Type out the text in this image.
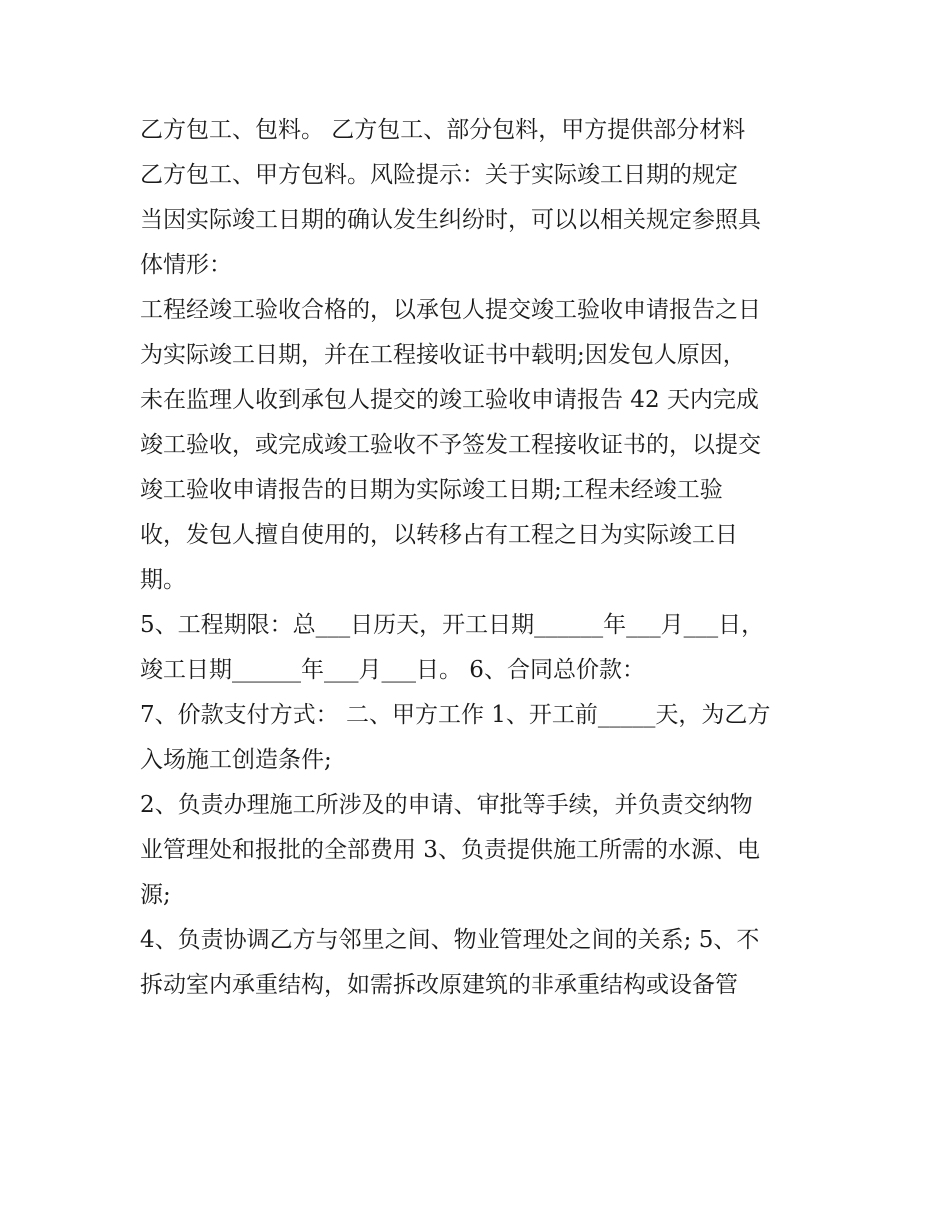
乙方包工、包料。 乙方包工、部分包料，甲方提供部分材料
乙方包工、甲方包料。风险提示：关于实际竣工日期的规定
当因实际竣工日期的确认发生纠纷时，可以以相关规定参照具
体情形：
工程经竣工验收合格的，以承包人提交竣工验收申请报告之日
为实际竣工日期，并在工程接收证书中载明;因发包人原因，
未在监理人收到承包人提交的竣工验收申请报告 42 天内完成
竣工验收，或完成竣工验收不予签发工程接收证书的，以提交
竣工验收申请报告的日期为实际竣工日期;工程未经竣工验
收，发包人擅自使用的，以转移占有工程之日为实际竣工日
期。
5、工程期限：总___日历天，开工日期______年___月___日，
竣工日期______年___月___日。 6、合同总价款：
7、价款支付方式： 二、甲方工作 1、开工前_____天，为乙方
入场施工创造条件;
2、负责办理施工所涉及的申请、审批等手续，并负责交纳物
业管理处和报批的全部费用 3、负责提供施工所需的水源、电
源;
4、负责协调乙方与邻里之间、物业管理处之间的关系; 5、不
拆动室内承重结构，如需拆改原建筑的非承重结构或设备管
